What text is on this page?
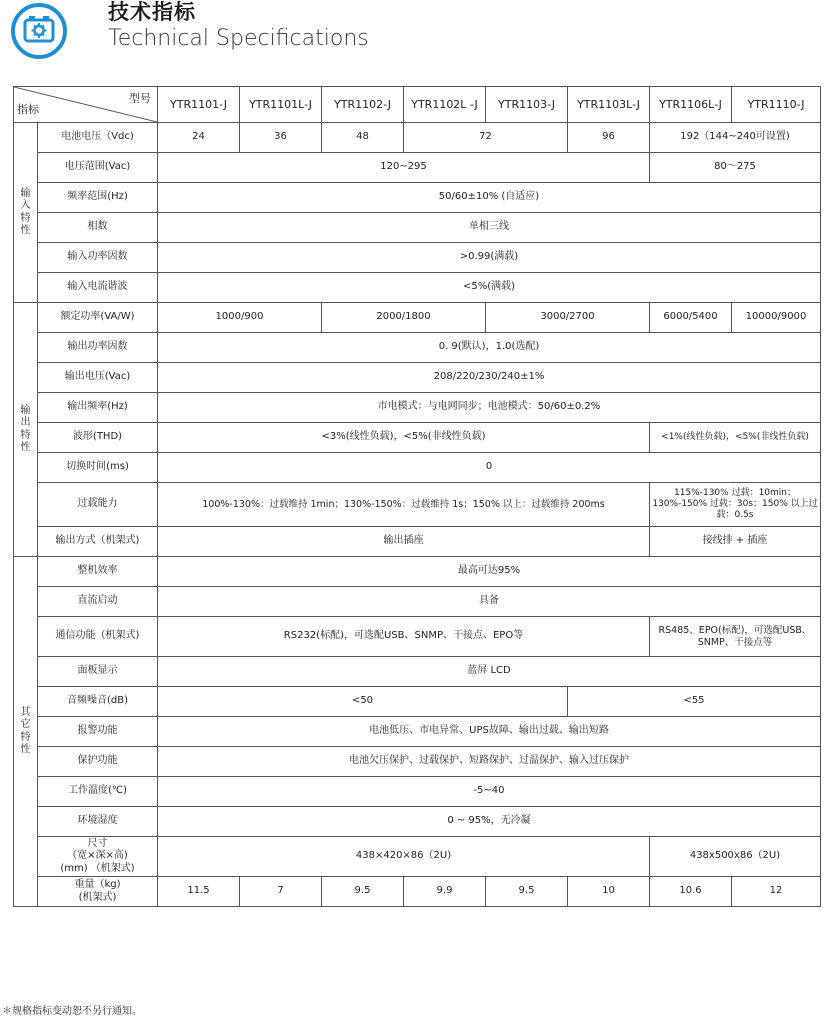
技术指标
Technical Specifications
型号
指标		YTR1101-J	YTR1101L-J	YTR1102-J	YTR1102L -J	YTR1103-J	YTR1103L-J	YTR1106L-J	YTR1110-J

输
入
特
性	电池电压（Vdc)	24	36	48	72		96	192（144~240可设置)	
	电压范围(Vac)	120~295						80～275	
	频率范围(Hz)	50/60±10% (自适应)							
	相数	单相三线							
	输入功率因数	>0.99(满载)							
	输入电流谐波	<5%(满载)							

输
出
特
性	额定功率(VA/W)	1000/900		2000/1800		3000/2700		6000/5400	10000/9000
	输出功率因数	0. 9(默认)，1.0(选配)							
	输出电压(Vac)	208/220/230/240±1%							
	输出频率(Hz)	市电模式：与电网同步；电池模式：50/60±0.2%							
	波形(THD)	<3%(线性负载)，<5%(非线性负载)						<1%(线性负载)，<5%(非线性负载)	
	切换时间(ms)	0							
	过载能力	100%-130%：过载维持 1min；130%-150%：过载维持 1s；150% 以上：过载维持 200ms						115%-130% 过载：10min；130%-150% 过载：30s；150% 以上过载：0.5s	
	输出方式（机架式)	输出插座						接线排 + 插座	

其
它
特
性	整机效率	最高可达95%							
	直流启动	具备							
	通信功能（机架式)	RS232(标配)，可选配USB、SNMP、干接点、EPO等						RS485、EPO(标配)，可选配USB、SNMP、干接点等	
	面板显示	蓝屏 LCD							
	音频噪音(dB)	<50					<55		
	报警功能	电池低压、市电异常、UPS故障、输出过载、输出短路							
	保护功能	电池欠压保护、过载保护、短路保护、过温保护、输入过压保护							
	工作温度(℃)	-5~40							
	环境湿度	0 ~ 95%，无冷凝							

	尺寸
（宽×深×高)
(mm) （机架式)	438×420×86（2U)						438x500x86（2U)	

	重量（kg)
(机架式)	11.5	7	9.5	9.9	9.5	10	10.6	12
＊规格指标变动恕不另行通知。
